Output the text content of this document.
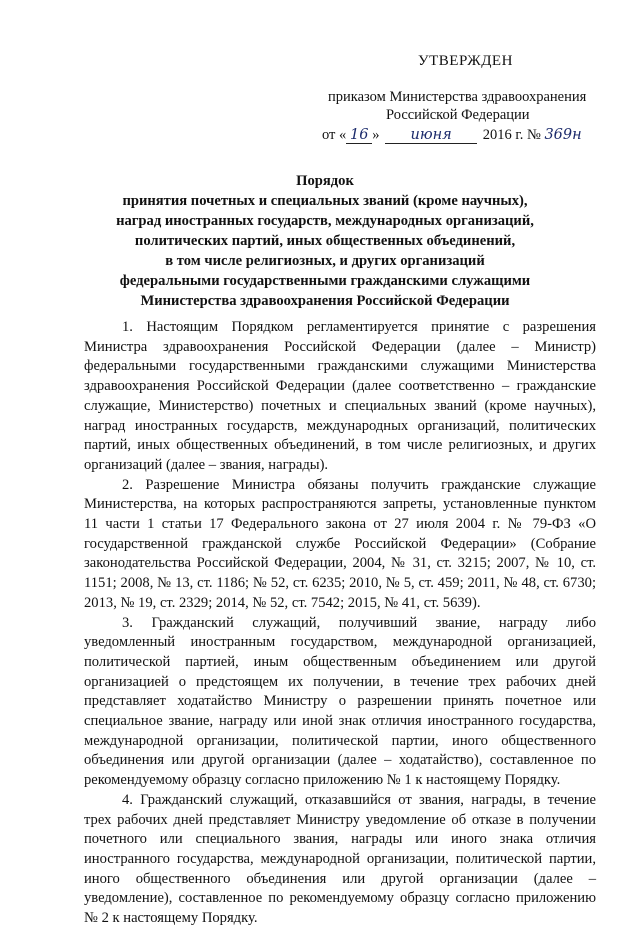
УТВЕРЖДЕН
приказом Министерства здравоохранения
Российской Федерации
от « 16 » июня 2016 г. № 369н
Порядок
принятия почетных и специальных званий (кроме научных),
наград иностранных государств, международных организаций,
политических партий, иных общественных объединений,
в том числе религиозных, и других организаций
федеральными государственными гражданскими служащими
Министерства здравоохранения Российской Федерации

1. Настоящим Порядком регламентируется принятие с разрешения Министра здравоохранения Российской Федерации (далее – Министр) федеральными государственными гражданскими служащими Министерства здравоохранения Российской Федерации (далее соответственно – гражданские служащие, Министерство) почетных и специальных званий (кроме научных), наград иностранных государств, международных организаций, политических партий, иных общественных объединений, в том числе религиозных, и других организаций (далее – звания, награды).

2. Разрешение Министра обязаны получить гражданские служащие Министерства, на которых распространяются запреты, установленные пунктом 11 части 1 статьи 17 Федерального закона от 27 июля 2004 г. № 79-ФЗ «О государственной гражданской службе Российской Федерации» (Собрание законодательства Российской Федерации, 2004, № 31, ст. 3215; 2007, № 10, ст. 1151; 2008, № 13, ст. 1186; № 52, ст. 6235; 2010, № 5, ст. 459; 2011, № 48, ст. 6730; 2013, № 19, ст. 2329; 2014, № 52, ст. 7542; 2015, № 41, ст. 5639).

3. Гражданский служащий, получивший звание, награду либо уведомленный иностранным государством, международной организацией, политической партией, иным общественным объединением или другой организацией о предстоящем их получении, в течение трех рабочих дней представляет ходатайство Министру о разрешении принять почетное или специальное звание, награду или иной знак отличия иностранного государства, международной организации, политической партии, иного общественного объединения или другой организации (далее – ходатайство), составленное по рекомендуемому образцу согласно приложению № 1 к настоящему Порядку.

4. Гражданский служащий, отказавшийся от звания, награды, в течение трех рабочих дней представляет Министру уведомление об отказе в получении почетного или специального звания, награды или иного знака отличия иностранного государства, международной организации, политической партии, иного общественного объединения или другой организации (далее – уведомление), составленное по рекомендуемому образцу согласно приложению № 2 к настоящему Порядку.
